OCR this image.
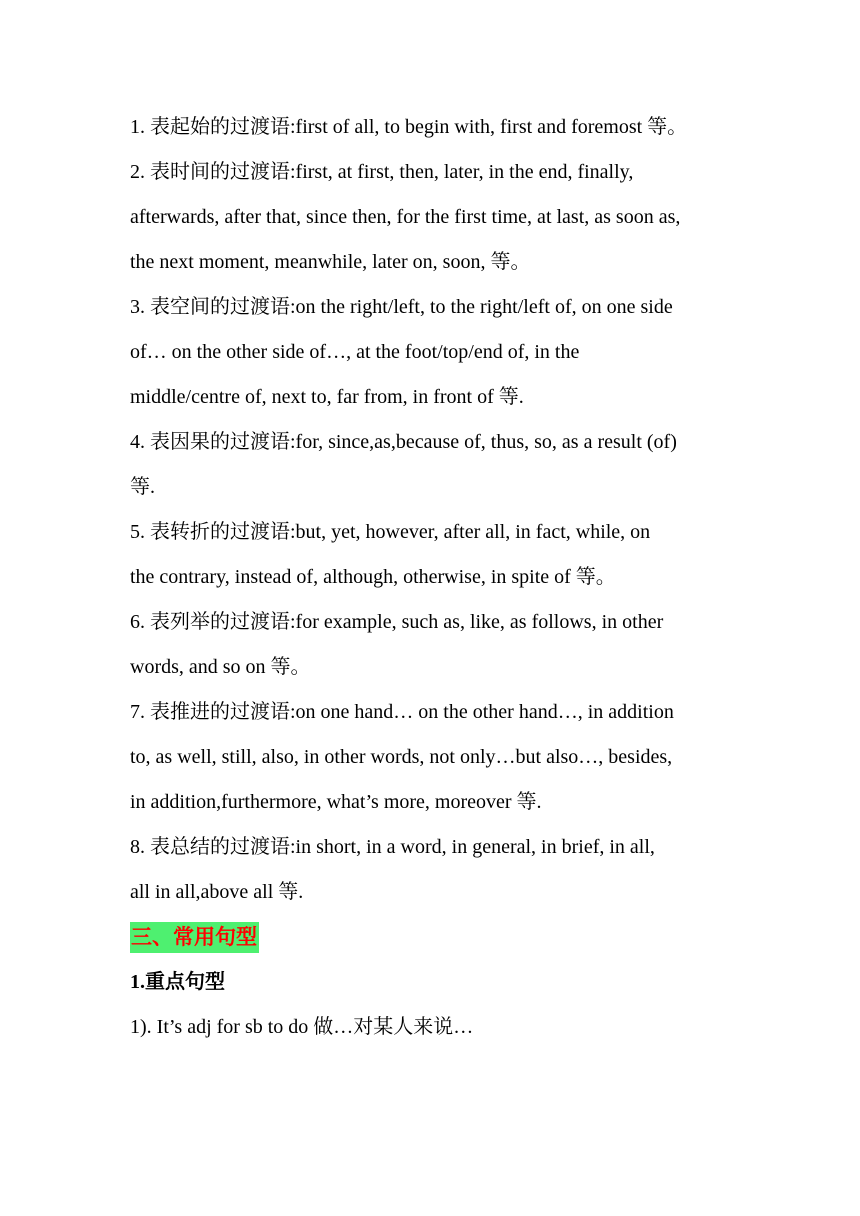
1. 表起始的过渡语:first of all, to begin with, first and foremost 等。
2. 表时间的过渡语:first, at first, then, later, in the end, finally,
afterwards, after that, since then, for the first time, at last, as soon as,
the next moment, meanwhile, later on, soon, 等。
3. 表空间的过渡语:on the right/left, to the right/left of, on one side
of… on the other side of…, at the foot/top/end of, in the
middle/centre of, next to, far from, in front of 等.
4. 表因果的过渡语:for, since,as,because of, thus, so, as a result (of)
等.
5. 表转折的过渡语:but, yet, however, after all, in fact, while, on
the contrary, instead of, although, otherwise, in spite of 等。
6. 表列举的过渡语:for example, such as, like, as follows, in other
words, and so on 等。
7. 表推进的过渡语:on one hand… on the other hand…, in addition
to, as well, still, also, in other words, not only…but also…, besides,
in addition,furthermore, what’s more, moreover 等.
8. 表总结的过渡语:in short, in a word, in general, in brief, in all,
all in all,above all 等.
三、常用句型
1.重点句型
1). It’s adj for sb to do 做…对某人来说…
